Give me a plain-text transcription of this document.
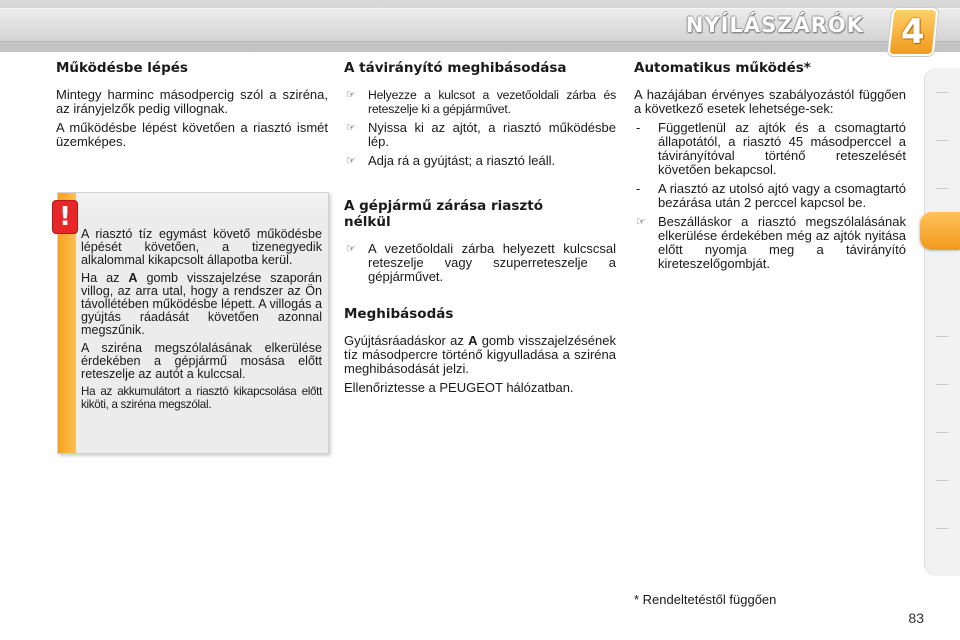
NYÍLÁSZÁRÓK 4
Működésbe lépés

Mintegy harminc másodpercig szól a sziréna, az irányjelzők pedig villognak.

A működésbe lépést követően a riasztó ismét üzemképes.

!

A riasztó tíz egymást követő működésbe lépését követően, a tizenegyedik alkalommal kikapcsolt állapotba kerül.

Ha az A gomb visszajelzése szaporán villog, az arra utal, hogy a rendszer az Ön távollétében működésbe lépett. A villogás a gyújtás ráadását követően azonnal megszűnik.

A sziréna megszólalásának elkerülése érdekében a gépjármű mosása előtt reteszelje az autót a kulccsal.

Ha az akkumulátort a riasztó kikapcsolása előtt kiköti, a sziréna megszólal.

A távirányító meghibásodása
☞ Helyezze a kulcsot a vezetőoldali zárba és reteszelje ki a gépjárművet.
☞ Nyissa ki az ajtót, a riasztó működésbe lép.
☞ Adja rá a gyújtást; a riasztó leáll.
A gépjármű zárása riasztó nélkül
☞ A vezetőoldali zárba helyezett kulcscsal reteszelje vagy szuperreteszelje a gépjárművet.
Meghibásodás

Gyújtásráadáskor az A gomb visszajelzésének tíz másodpercre történő kigyulladása a sziréna meghibásodását jelzi.

Ellenőriztesse a PEUGEOT hálózatban.

Automatikus működés*

A hazájában érvényes szabályozástól függően a következő esetek lehetsége-sek:

- Függetlenül az ajtók és a csomagtartó állapotától, a riasztó 45 másodperccel a távirányítóval történő reteszelését követően bekapcsol.
- A riasztó az utolsó ajtó vagy a csomagtartó bezárása után 2 perccel kapcsol be.
☞ Beszálláskor a riasztó megszólalásának elkerülése érdekében még az ajtók nyitása előtt nyomja meg a távirányító kireteszelőgombját.
* Rendeltetéstől függően
83
